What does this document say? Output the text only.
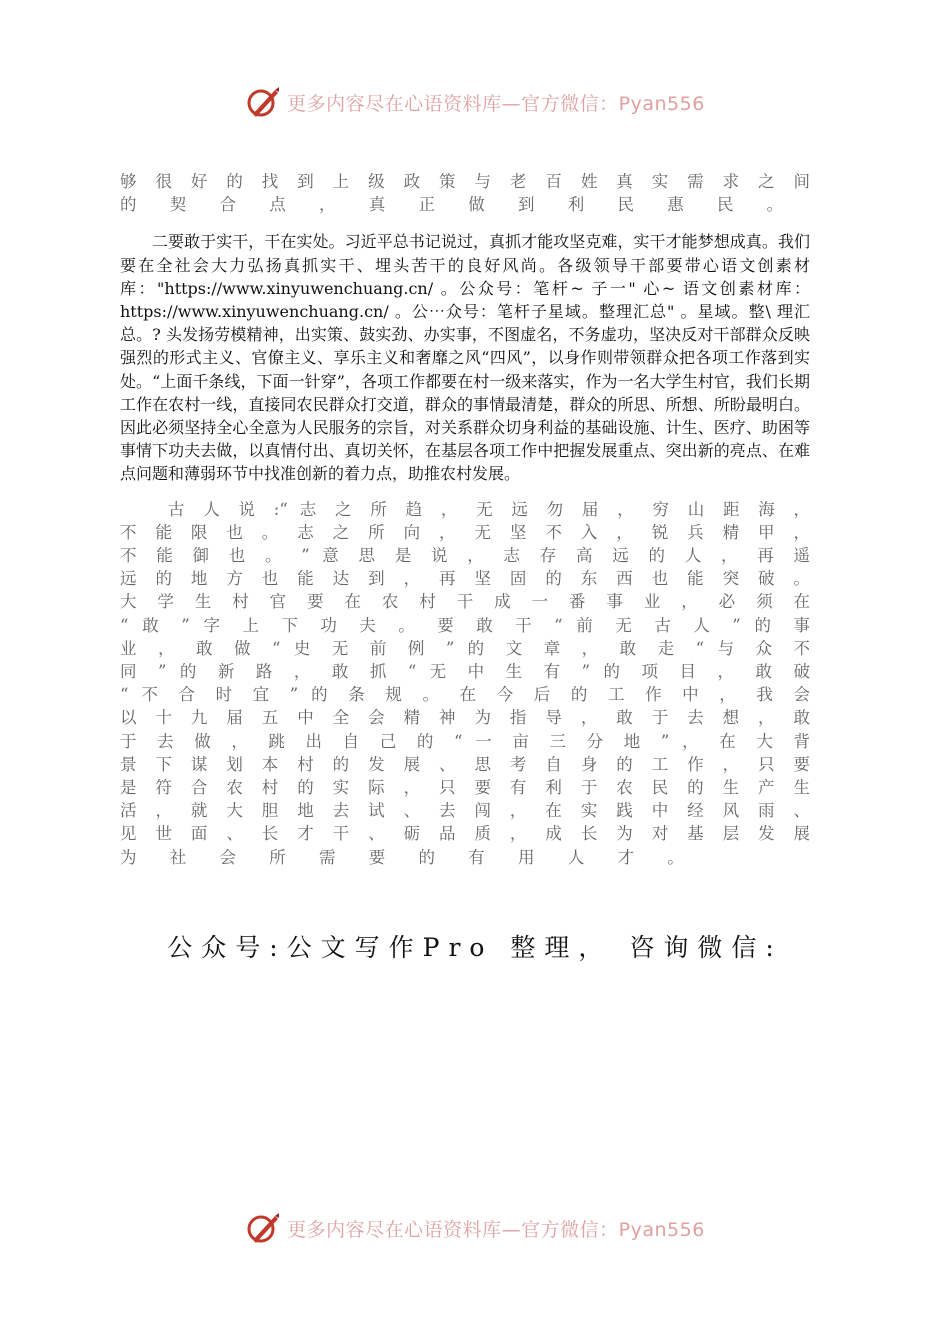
更多内容尽在心语资料库—官方微信：Pyan556

够 很 好 的 找 到 上 级 政 策 与 老 百 姓 真 实 需 求 之 间

的 契 合 点 ， 真 正 做 到 利 民 惠 民 。

二要敢于实干，干在实处。习近平总书记说过，真抓才能攻坚克难，实干才能梦想成真。我们要在全社会大力弘扬真抓实干、埋头苦干的良好风尚。各级领导干部要带心语文创素材库："https://www.xinyuwenchuang.cn/ 。公众号：笔杆~ 子一" 心~ 语文创素材库：https://www.xinyuwenchuang.cn/ 。公⋯众号：笔杆子星域。整理汇总" 。星域。整\ 理汇总。? 头发扬劳模精神，出实策、鼓实劲、办实事，不图虚名，不务虚功，坚决反对干部群众反映强烈的形式主义、官僚主义、享乐主义和奢靡之风“四风”，以身作则带领群众把各项工作落到实处。“上面千条线，下面一针穿”，各项工作都要在村一级来落实，作为一名大学生村官，我们长期工作在农村一线，直接同农民群众打交道，群众的事情最清楚，群众的所思、所想、所盼最明白。因此必须坚持全心全意为人民服务的宗旨，对关系群众切身利益的基础设施、计生、医疗、助困等事情下功夫去做，以真情付出、真切关怀，在基层各项工作中把握发展重点、突出新的亮点、在难点问题和薄弱环节中找准创新的着力点，助推农村发展。

古 人 说 :“ 志 之 所 趋 ， 无 远 勿 届 ， 穷 山 距 海 ，

不 能 限 也 。 志 之 所 向 ， 无 坚 不 入 ， 锐 兵 精 甲 ，

不 能 御 也 。 ” 意 思 是 说 ， 志 存 高 远 的 人 ， 再 遥

远 的 地 方 也 能 达 到 ， 再 坚 固 的 东 西 也 能 突 破 。

大 学 生 村 官 要 在 农 村 干 成 一 番 事 业 ， 必 须 在

“ 敢 ” 字 上 下 功 夫 。 要 敢 干 “ 前 无 古 人 ” 的 事

业 ， 敢 做 “ 史 无 前 例 ” 的 文 章 ， 敢 走 “ 与 众 不

同 ” 的 新 路 ， 敢 抓 “ 无 中 生 有 ” 的 项 目 ， 敢 破

“ 不 合 时 宜 ” 的 条 规 。 在 今 后 的 工 作 中 ， 我 会

以 十 九 届 五 中 全 会 精 神 为 指 导 ， 敢 于 去 想 ， 敢

于 去 做 ， 跳 出 自 己 的 “ 一 亩 三 分 地 ” ， 在 大 背

景 下 谋 划 本 村 的 发 展 、 思 考 自 身 的 工 作 ， 只 要

是 符 合 农 村 的 实 际 ， 只 要 有 利 于 农 民 的 生 产 生

活 ， 就 大 胆 地 去 试 、 去 闯 ， 在 实 践 中 经 风 雨 、

见 世 面 、 长 才 干 、 砺 品 质 ， 成 长 为 对 基 层 发 展

为 社 会 所 需 要 的 有 用 人 才 。

公众号:公文写作Pro 整理， 咨询微信:
更多内容尽在心语资料库—官方微信：Pyan556
